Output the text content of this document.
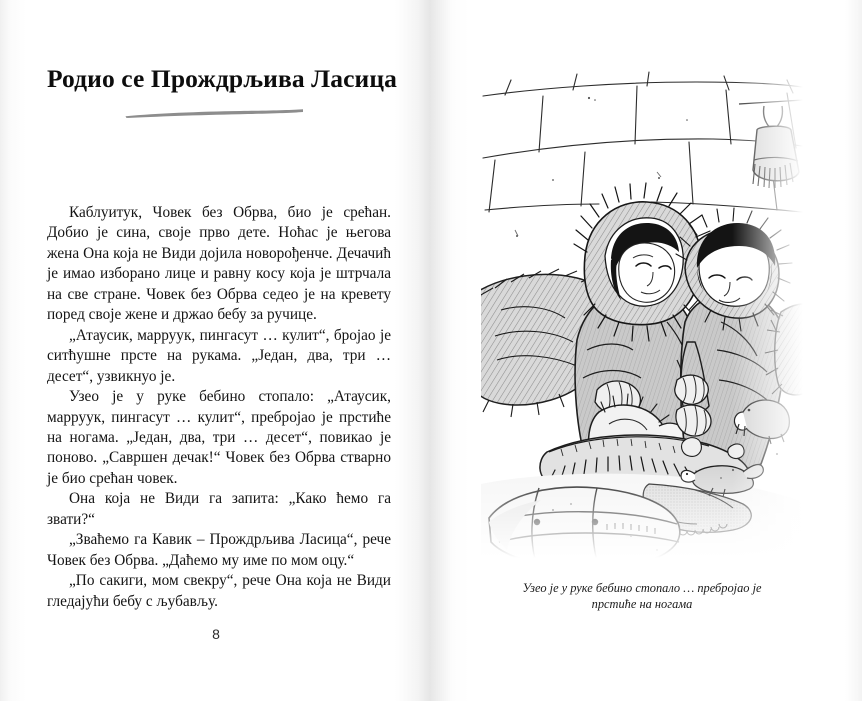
Родио се Прождрљива Ласица

Каблуитук, Човек без Обрва, био је срећан. Добио је сина, своје прво дете. Ноћас је његова жена Она која не Види дојила новорођенче. Дечачић је имао изборано лице и равну косу која је штрчала на све стране. Човек без Обрва седео је на кревету поред своје жене и држао бебу за ручице.

„Атаусик, марруук, пингасут … кулит“, бројао је ситћушне прсте на рукама. „Један, два, три … десет“, узвикнуо је.

Узео је у руке бебино стопало: „Атаусик, марруук, пингасут … кулит“, пребројао је прстиће на ногама. „Један, два, три … десет“, повикао је поново. „Савршен дечак!“ Човек без Обрва стварно је био срећан човек.

Она која не Види га запита: „Како ћемо га звати?“

„Зваћемо га Кавик – Прождрљива Ласица“, рече Човек без Обрва. „Даћемо му име по мом оцу.“

„По сакиги, мом свекру“, рече Она која не Види гледајући бебу с љубављу.

8
Узео је у руке бебино стопало … пребројао је
прстиће на ногама
